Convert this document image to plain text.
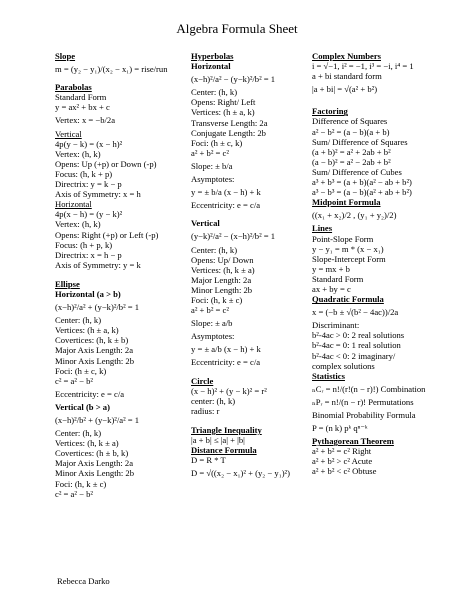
Algebra Formula Sheet
Slope
m = (y₂ − y₁)/(x₂ − x₁) = rise/run
Parabolas
Standard Form
y = ax² + bx + c
Vertex: x = −b/2a
Vertical
4p(y − k) = (x − h)²
Vertex: (h, k)
Opens: Up (+p) or Down (-p)
Focus: (h, k + p)
Directrix: y = k − p
Axis of Symmetry: x = h
Horizontal
4p(x − h) = (y − k)²
Vertex: (h, k)
Opens: Right (+p) or Left (-p)
Focus: (h + p, k)
Directrix: x = h − p
Axis of Symmetry: y = k
Ellipse
Horizontal (a > b)
(x−h)²/a² + (y−k)²/b² = 1
Center: (h, k)
Vertices: (h ± a, k)
Covertices: (h, k ± b)
Major Axis Length: 2a
Minor Axis Length: 2b
Foci: (h ± c, k)
c² = a² − b²
Eccentricity: e = c/a
Vertical (b > a)
(x−h)²/b² + (y−k)²/a² = 1
Center: (h, k)
Vertices: (h, k ± a)
Covertices: (h ± b, k)
Major Axis Length: 2a
Minor Axis Length: 2b
Foci: (h, k ± c)
c² = a² − b²
Hyperbolas
Horizontal
(x−h)²/a² − (y−k)²/b² = 1
Center: (h, k)
Opens: Right/ Left
Vertices: (h ± a, k)
Transverse Length: 2a
Conjugate Length: 2b
Foci: (h ± c, k)
a² + b² = c²
Slope: ± b/a
Asymptotes:
y = ± b/a (x − h) + k
Eccentricity: e = c/a
Vertical
(y−k)²/a² − (x−h)²/b² = 1
Center: (h, k)
Opens: Up/ Down
Vertices: (h, k ± a)
Major Length: 2a
Minor Length: 2b
Foci: (h, k ± c)
a² + b² = c²
Slope: ± a/b
Asymptotes:
y = ± a/b (x − h) + k
Eccentricity: e = c/a
Circle
(x − h)² + (y − k)² = r²
center: (h, k)
radius: r
Triangle Inequality
|a + b| ≤ |a| + |b|
Distance Formula
D = R * T
D = √((x₂ − x₁)² + (y₂ − y₁)²)
Complex Numbers
i = √−1, i² = −1, i³ = −i, i⁴ = 1
a + bi standard form
|a + bi| = √(a² + b²)
Factoring
Difference of Squares
a² − b² = (a − b)(a + b)
Sum/ Difference of Squares
(a + b)² = a² + 2ab + b²
(a − b)² = a² − 2ab + b²
Sum/ Difference of Cubes
a³ + b³ = (a + b)(a² − ab + b²)
a³ − b³ = (a − b)(a² + ab + b²)
Midpoint Formula
((x₁ + x₂)/2 , (y₁ + y₂)/2)
Lines
Point-Slope Form
y − y₁ = m * (x − x₁)
Slope-Intercept Form
y = mx + b
Standard Form
ax + by = c
Quadratic Formula
x = (−b ± √(b² − 4ac))/2a
Discriminant:
b²-4ac > 0: 2 real solutions
b²-4ac = 0: 1 real solution
b²-4ac < 0: 2 imaginary/
complex solutions
Statistics
ₙCᵣ = n!/(r!(n − r)!) Combination
ₙPᵣ = n!/(n − r)! Permutations
Binomial Probability Formula
P = (n k) pᵏ qⁿ⁻ᵏ
Pythagorean Theorem
a² + b² = c² Right
a² + b² > c² Acute
a² + b² < c² Obtuse
Rebecca Darko
